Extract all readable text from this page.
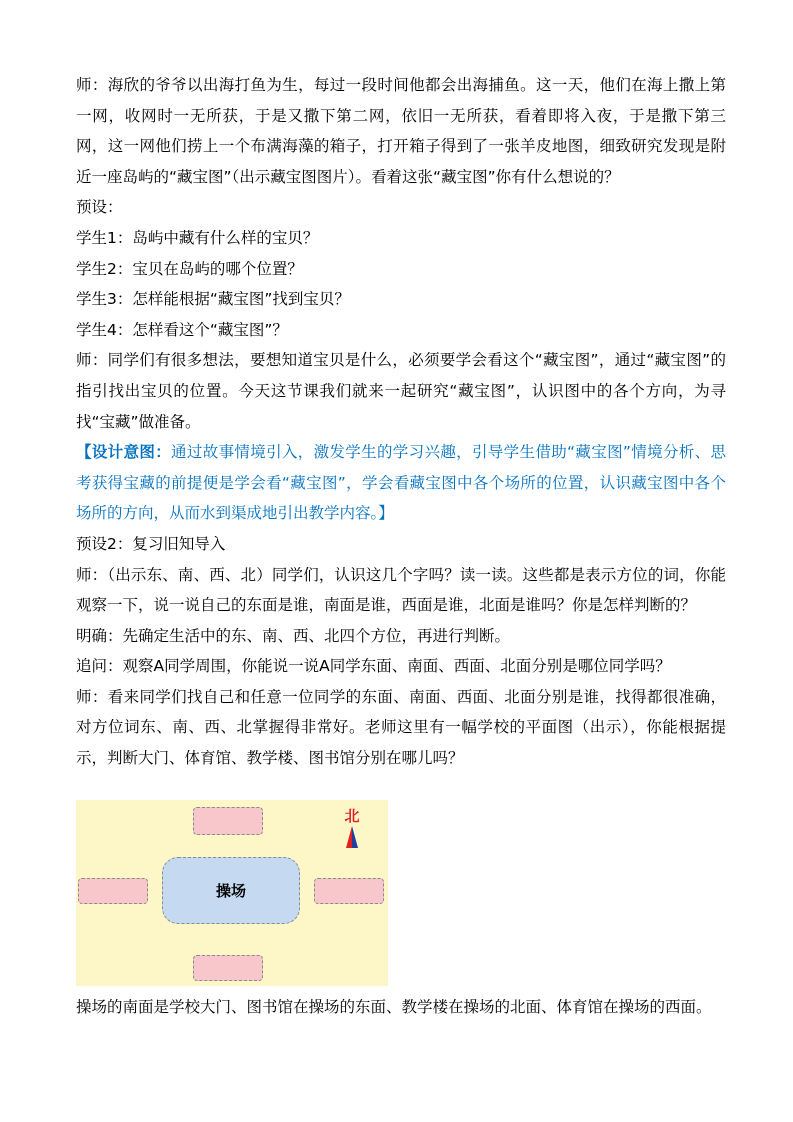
师：海欣的爷爷以出海打鱼为生，每过一段时间他都会出海捕鱼。这一天，他们在海上撒上第一网，收网时一无所获，于是又撒下第二网，依旧一无所获，看着即将入夜，于是撒下第三网，这一网他们捞上一个布满海藻的箱子，打开箱子得到了一张羊皮地图，细致研究发现是附近一座岛屿的“藏宝图”（出示藏宝图图片）。看着这张“藏宝图”你有什么想说的？

预设：

学生1：岛屿中藏有什么样的宝贝？

学生2：宝贝在岛屿的哪个位置？

学生3：怎样能根据“藏宝图”找到宝贝？

学生4：怎样看这个“藏宝图”？

师：同学们有很多想法，要想知道宝贝是什么，必须要学会看这个“藏宝图”，通过“藏宝图”的指引找出宝贝的位置。今天这节课我们就来一起研究“藏宝图”，认识图中的各个方向，为寻找“宝藏”做准备。

【设计意图：通过故事情境引入，激发学生的学习兴趣，引导学生借助“藏宝图”情境分析、思考获得宝藏的前提便是学会看“藏宝图”，学会看藏宝图中各个场所的位置，认识藏宝图中各个场所的方向，从而水到渠成地引出教学内容。】

预设2：复习旧知导入

师：（出示东、南、西、北）同学们，认识这几个字吗？读一读。这些都是表示方位的词，你能观察一下，说一说自己的东面是谁，南面是谁，西面是谁，北面是谁吗？你是怎样判断的？

明确：先确定生活中的东、南、西、北四个方位，再进行判断。

追问：观察A同学周围，你能说一说A同学东面、南面、西面、北面分别是哪位同学吗？

师：看来同学们找自己和任意一位同学的东面、南面、西面、北面分别是谁，找得都很准确，对方位词东、南、西、北掌握得非常好。老师这里有一幅学校的平面图（出示），你能根据提示，判断大门、体育馆、教学楼、图书馆分别在哪儿吗？

操场
北
操场的南面是学校大门、图书馆在操场的东面、教学楼在操场的北面、体育馆在操场的西面。
